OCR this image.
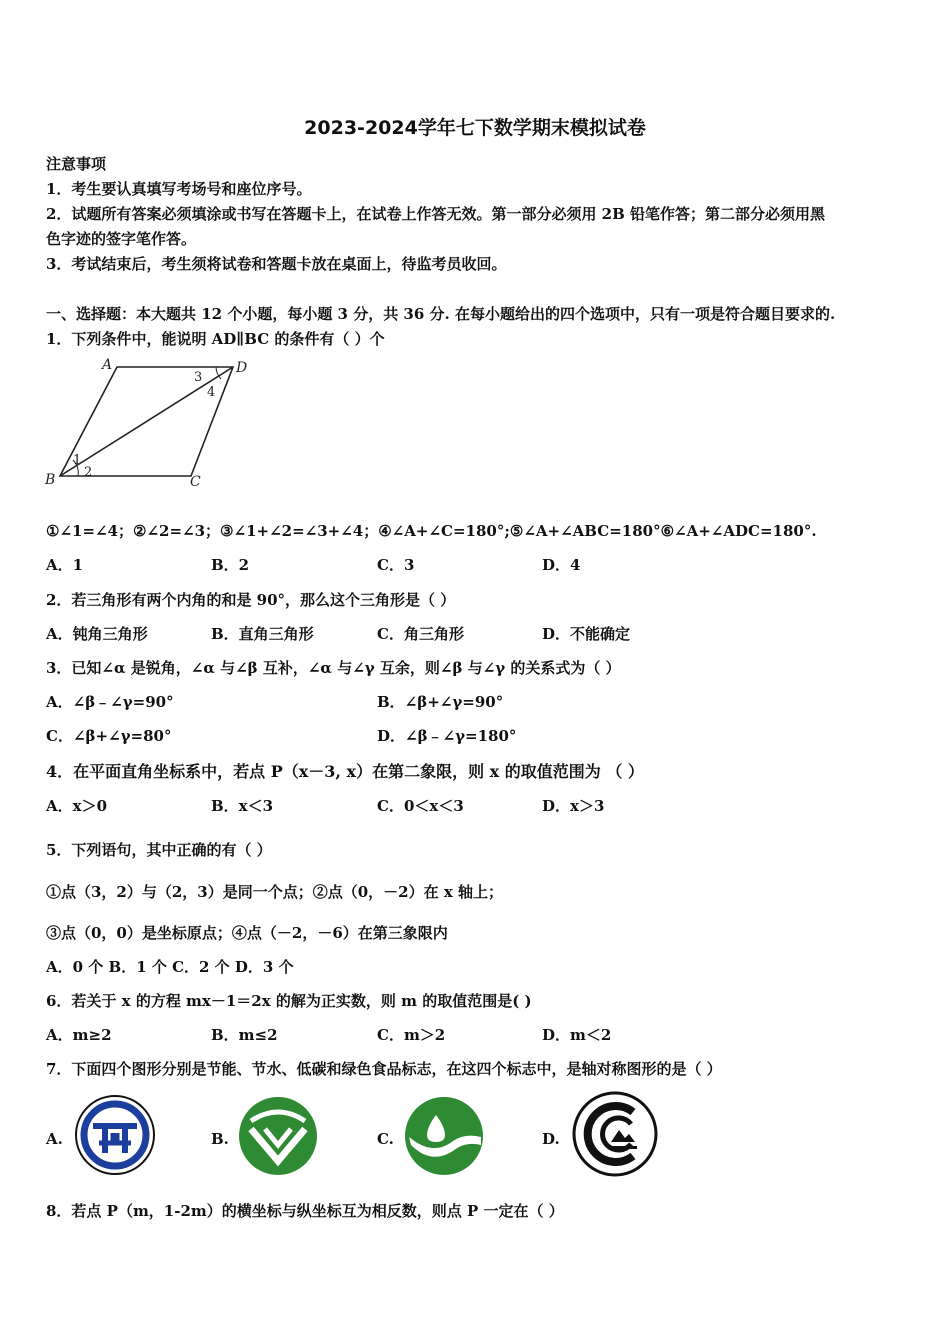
2023-2024学年七下数学期末模拟试卷
注意事项
1．考生要认真填写考场号和座位序号。
2．试题所有答案必须填涂或书写在答题卡上，在试卷上作答无效。第一部分必须用 2B 铅笔作答；第二部分必须用黑
色字迹的签字笔作答。
3．考试结束后，考生须将试卷和答题卡放在桌面上，待监考员收回。
一、选择题：本大题共 12 个小题，每小题 3 分，共 36 分. 在每小题给出的四个选项中，只有一项是符合题目要求的.
1．下列条件中，能说明 AD∥BC 的条件有（ ）个
A	D
B	C
1
2
3
4
①∠1=∠4；②∠2=∠3；③∠1+∠2=∠3+∠4；④∠A+∠C=180°;⑤∠A+∠ABC=180°⑥∠A+∠ADC=180°.
A．1	B．2	C．3	D．4
2．若三角形有两个内角的和是 90°，那么这个三角形是（ ）
A．钝角三角形	B．直角三角形	C．角三角形	D．不能确定
3．已知∠α 是锐角，∠α 与∠β 互补，∠α 与∠γ 互余，则∠β 与∠γ 的关系式为（ ）
A．∠β﹣∠γ=90°	B．∠β+∠γ=90°
C．∠β+∠γ=80°	D．∠β﹣∠γ=180°
4．在平面直角坐标系中，若点 P（x－3, x）在第二象限，则 x 的取值范围为 （ ）
A．x＞0	B．x＜3	C．0＜x＜3	D．x＞3
5．下列语句，其中正确的有（ ）
①点（3，2）与（2，3）是同一个点；②点（0，－2）在 x 轴上；
③点（0，0）是坐标原点；④点（－2，－6）在第三象限内
A．0 个 B．1 个 C．2 个 D．3 个
6．若关于 x 的方程 mx－1＝2x 的解为正实数，则 m 的取值范围是( )
A．m≥2	B．m≤2	C．m＞2	D．m＜2
7．下面四个图形分别是节能、节水、低碳和绿色食品标志，在这四个标志中，是轴对称图形的是（ ）
A.	B.	C.	D.
8．若点 P（m，1-2m）的横坐标与纵坐标互为相反数，则点 P 一定在（ ）
